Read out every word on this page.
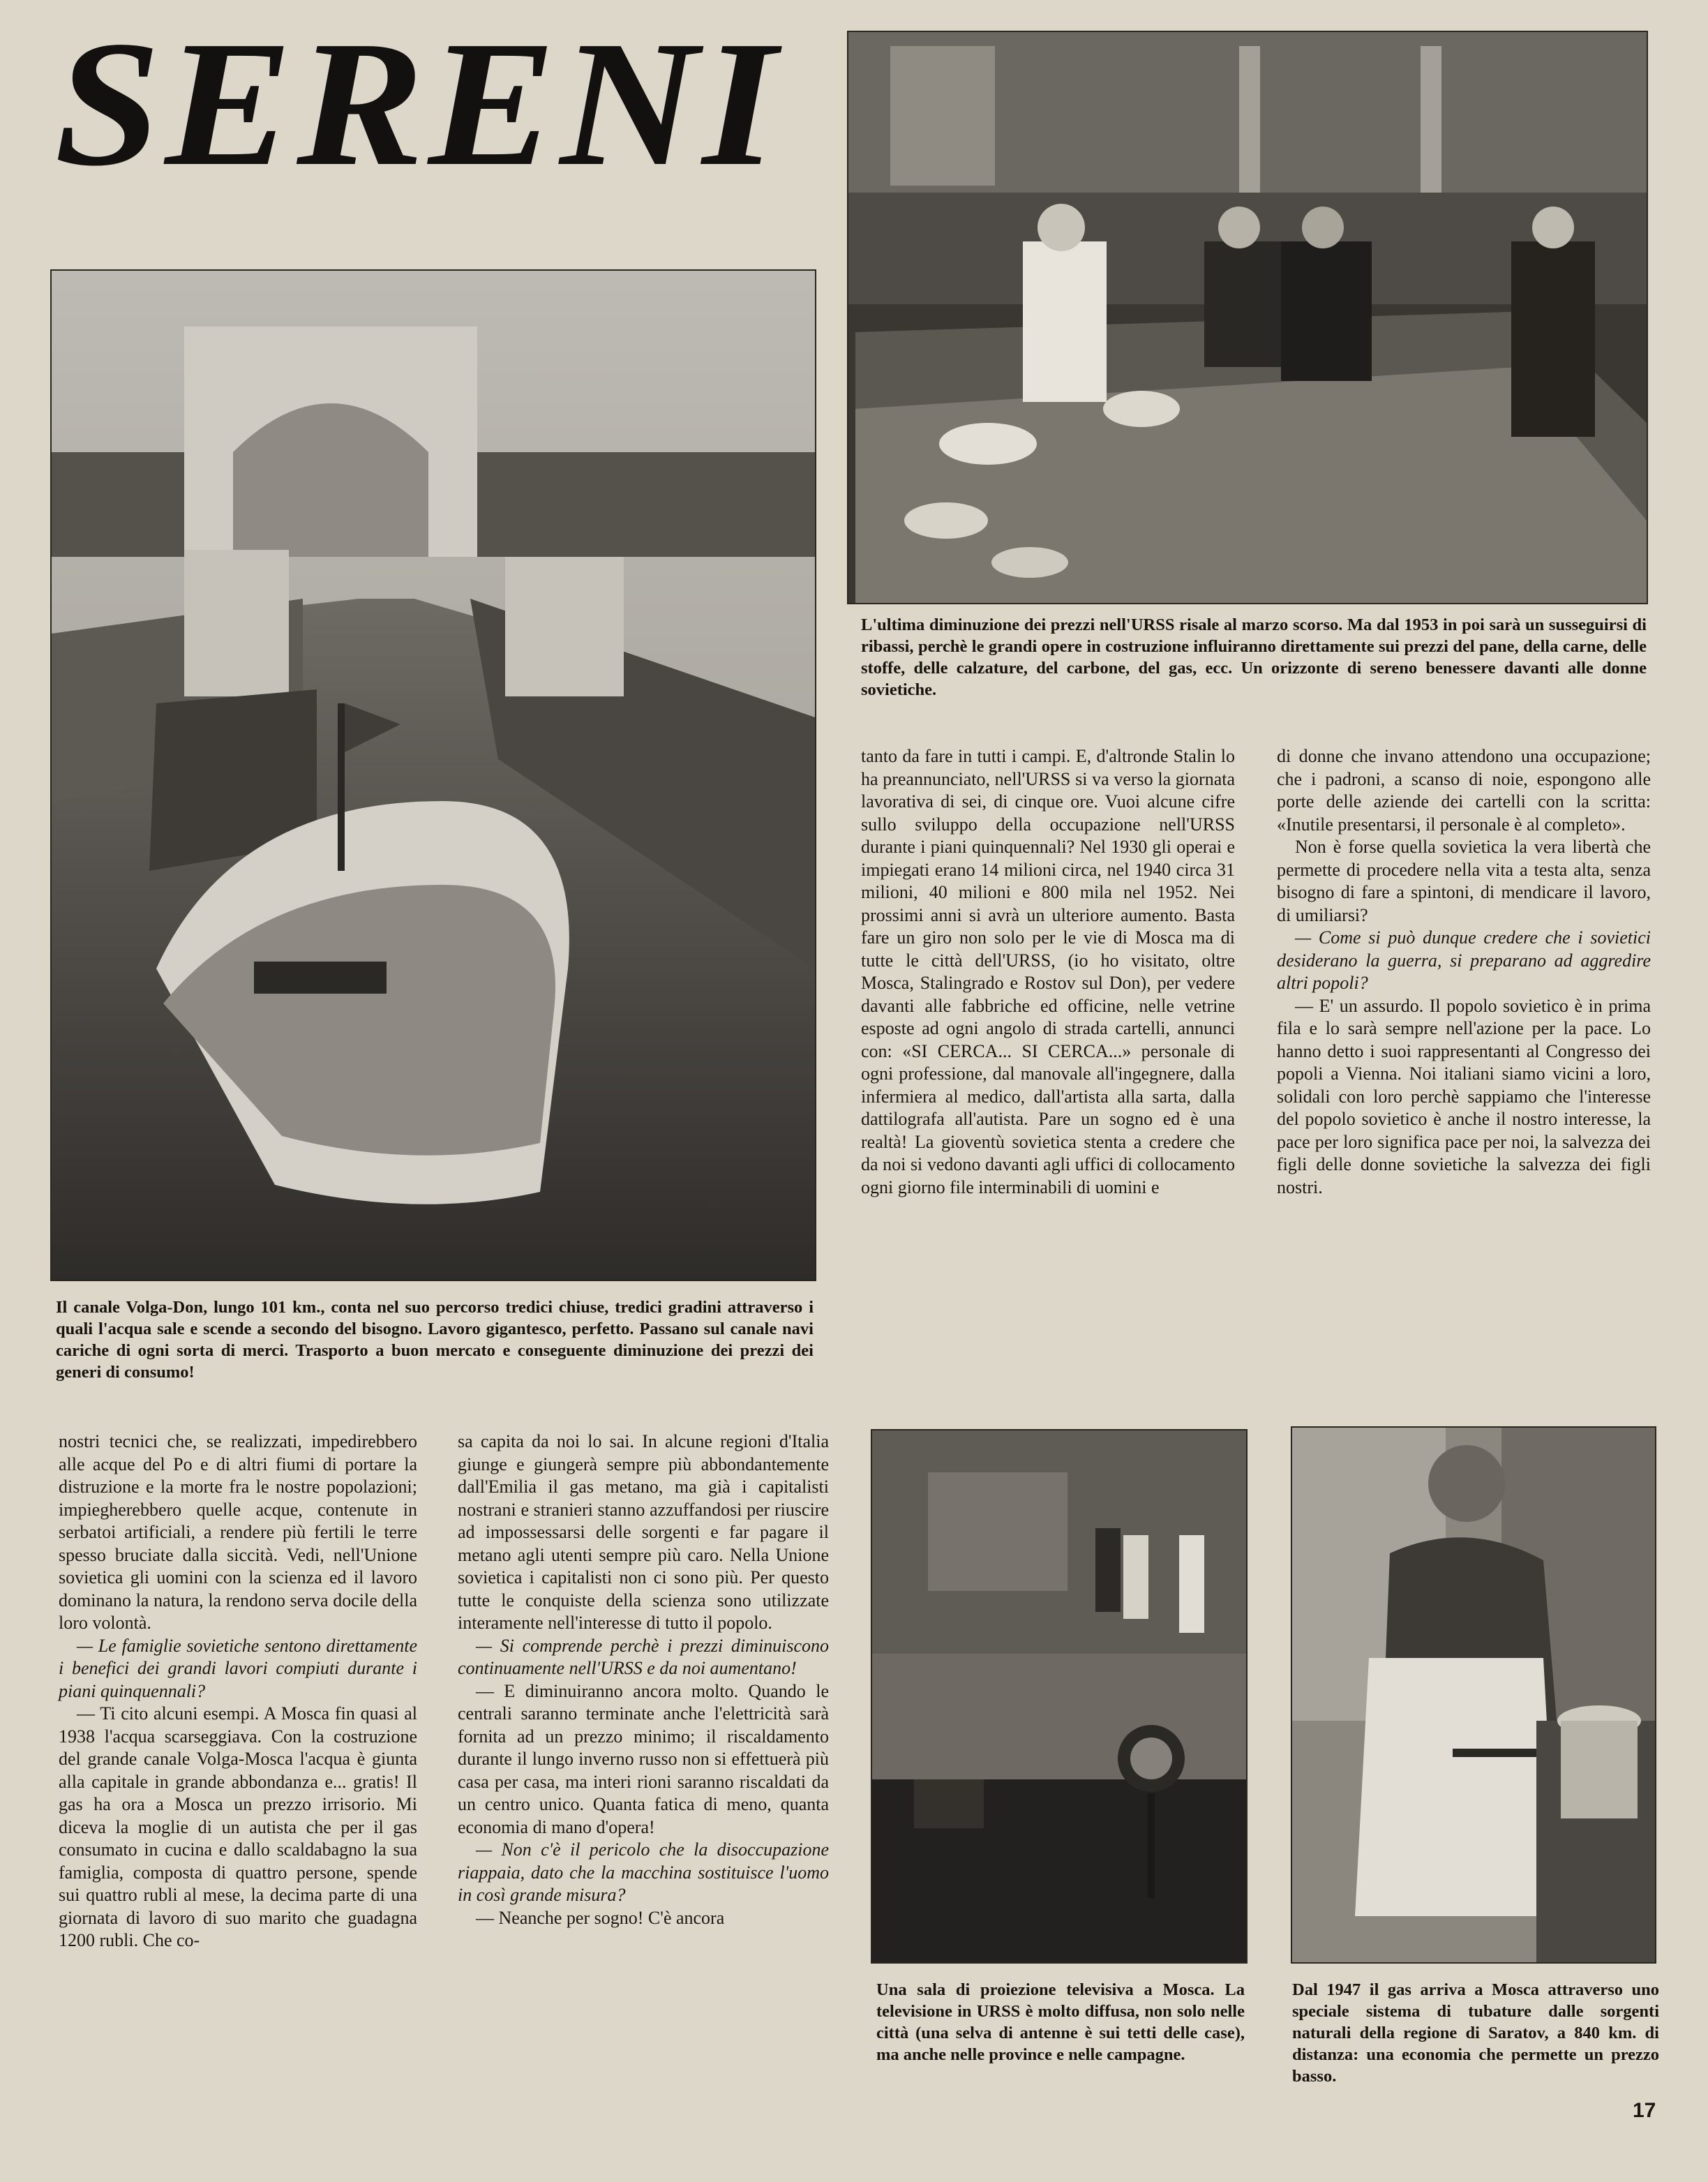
SERENI
Il canale Volga-Don, lungo 101 km., conta nel suo percorso tredici chiuse, tredici gradini attraverso i quali l'acqua sale e scende a secondo del bisogno. Lavoro gigantesco, perfetto. Passano sul canale navi cariche di ogni sorta di merci. Trasporto a buon mercato e conseguente diminuzione dei prezzi dei generi di consumo!
L'ultima diminuzione dei prezzi nell'URSS risale al marzo scorso. Ma dal 1953 in poi sarà un susseguirsi di ribassi, perchè le grandi opere in costruzione influiranno direttamente sui prezzi del pane, della carne, delle stoffe, delle calzature, del carbone, del gas, ecc. Un orizzonte di sereno benessere davanti alle donne sovietiche.

tanto da fare in tutti i campi. E, d'altronde Stalin lo ha preannunciato, nell'URSS si va verso la giornata lavorativa di sei, di cinque ore. Vuoi alcune cifre sullo sviluppo della occupazione nell'URSS durante i piani quinquennali? Nel 1930 gli operai e impiegati erano 14 milioni circa, nel 1940 circa 31 milioni, 40 milioni e 800 mila nel 1952. Nei prossimi anni si avrà un ulteriore aumento. Basta fare un giro non solo per le vie di Mosca ma di tutte le città dell'URSS, (io ho visitato, oltre Mosca, Stalingrado e Rostov sul Don), per vedere davanti alle fabbriche ed officine, nelle vetrine esposte ad ogni angolo di strada cartelli, annunci con: «SI CERCA... SI CERCA...» personale di ogni professione, dal manovale all'ingegnere, dalla infermiera al medico, dall'artista alla sarta, dalla dattilografa all'autista. Pare un sogno ed è una realtà! La gioventù sovietica stenta a credere che da noi si vedono davanti agli uffici di collocamento ogni giorno file interminabili di uomini e

di donne che invano attendono una occupazione; che i padroni, a scanso di noie, espongono alle porte delle aziende dei cartelli con la scritta: «Inutile presentarsi, il personale è al completo».

Non è forse quella sovietica la vera libertà che permette di procedere nella vita a testa alta, senza bisogno di fare a spintoni, di mendicare il lavoro, di umiliarsi?

— Come si può dunque credere che i sovietici desiderano la guerra, si preparano ad aggredire altri popoli?

— E' un assurdo. Il popolo sovietico è in prima fila e lo sarà sempre nell'azione per la pace. Lo hanno detto i suoi rappresentanti al Congresso dei popoli a Vienna. Noi italiani siamo vicini a loro, solidali con loro perchè sappiamo che l'interesse del popolo sovietico è anche il nostro interesse, la pace per loro significa pace per noi, la salvezza dei figli delle donne sovietiche la salvezza dei figli nostri.

nostri tecnici che, se realizzati, impedirebbero alle acque del Po e di altri fiumi di portare la distruzione e la morte fra le nostre popolazioni; impiegherebbero quelle acque, contenute in serbatoi artificiali, a rendere più fertili le terre spesso bruciate dalla siccità. Vedi, nell'Unione sovietica gli uomini con la scienza ed il lavoro dominano la natura, la rendono serva docile della loro volontà.

— Le famiglie sovietiche sentono direttamente i benefici dei grandi lavori compiuti durante i piani quinquennali?

— Ti cito alcuni esempi. A Mosca fin quasi al 1938 l'acqua scarseggiava. Con la costruzione del grande canale Volga-Mosca l'acqua è giunta alla capitale in grande abbondanza e... gratis! Il gas ha ora a Mosca un prezzo irrisorio. Mi diceva la moglie di un autista che per il gas consumato in cucina e dallo scaldabagno la sua famiglia, composta di quattro persone, spende sui quattro rubli al mese, la decima parte di una giornata di lavoro di suo marito che guadagna 1200 rubli. Che co-

sa capita da noi lo sai. In alcune regioni d'Italia giunge e giungerà sempre più abbondantemente dall'Emilia il gas metano, ma già i capitalisti nostrani e stranieri stanno azzuffandosi per riuscire ad impossessarsi delle sorgenti e far pagare il metano agli utenti sempre più caro. Nella Unione sovietica i capitalisti non ci sono più. Per questo tutte le conquiste della scienza sono utilizzate interamente nell'interesse di tutto il popolo.

— Si comprende perchè i prezzi diminuiscono continuamente nell'URSS e da noi aumentano!

— E diminuiranno ancora molto. Quando le centrali saranno terminate anche l'elettricità sarà fornita ad un prezzo minimo; il riscaldamento durante il lungo inverno russo non si effettuerà più casa per casa, ma interi rioni saranno riscaldati da un centro unico. Quanta fatica di meno, quanta economia di mano d'opera!

— Non c'è il pericolo che la disoccupazione riappaia, dato che la macchina sostituisce l'uomo in così grande misura?

— Neanche per sogno! C'è ancora

Una sala di proiezione televisiva a Mosca. La televisione in URSS è molto diffusa, non solo nelle città (una selva di antenne è sui tetti delle case), ma anche nelle province e nelle campagne.
Dal 1947 il gas arriva a Mosca attraverso uno speciale sistema di tubature dalle sorgenti naturali della regione di Saratov, a 840 km. di distanza: una economia che permette un prezzo basso.
17
